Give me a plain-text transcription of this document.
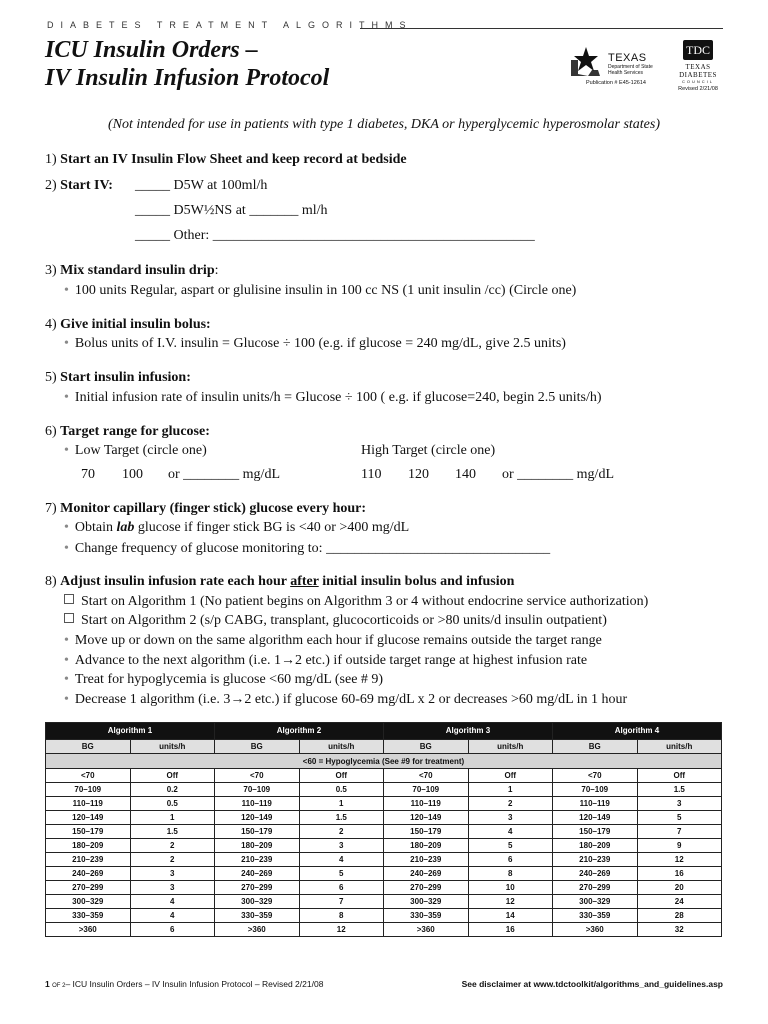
DIABETES TREATMENT ALGORITHMS
ICU Insulin Orders –
IV Insulin Infusion Protocol
TEXAS
Department of State Health Services
Publication # E45-12614
TDC
TEXAS DIABETES
COUNCIL
Revised 2/21/08
(Not intended for use in patients with type 1 diabetes, DKA or hyperglycemic hyperosmolar states)
1) Start an IV Insulin Flow Sheet and keep record at bedside
2) Start IV: _____ D5W at 100ml/h
_____ D5W½NS at _______ ml/h
_____ Other: ______________________________________________
3) Mix standard insulin drip:
• 100 units Regular, aspart or glulisine insulin in 100 cc NS (1 unit insulin /cc) (Circle one)
4) Give initial insulin bolus:
• Bolus units of I.V. insulin = Glucose ÷ 100 (e.g. if glucose = 240 mg/dL, give 2.5 units)
5) Start insulin infusion:
• Initial infusion rate of insulin units/h = Glucose ÷ 100 ( e.g. if glucose=240, begin 2.5 units/h)
6) Target range for glucose:
• Low Target (circle one)	High Target (circle one)
70 100 or ________ mg/dL	110 120 140 or ________ mg/dL
7) Monitor capillary (finger stick) glucose every hour:
• Obtain lab glucose if finger stick BG is <40 or >400 mg/dL
• Change frequency of glucose monitoring to: ________________________________
8) Adjust insulin infusion rate each hour after initial insulin bolus and infusion
Start on Algorithm 1 (No patient begins on Algorithm 3 or 4 without endocrine service authorization)
Start on Algorithm 2 (s/p CABG, transplant, glucocorticoids or >80 units/d insulin outpatient)
• Move up or down on the same algorithm each hour if glucose remains outside the target range
• Advance to the next algorithm (i.e. 1→2 etc.) if outside target range at highest infusion rate
• Treat for hypoglycemia is glucose <60 mg/dL (see # 9)
• Decrease 1 algorithm (i.e. 3→2 etc.) if glucose 60-69 mg/dL x 2 or decreases >60 mg/dL in 1 hour
Algorithm 1		Algorithm 2		Algorithm 3		Algorithm 4	
BG	units/h	BG	units/h	BG	units/h	BG	units/h
<60 = Hypoglycemia (See #9 for treatment)							
<70	Off	<70	Off	<70	Off	<70	Off
70–109	0.2	70–109	0.5	70–109	1	70–109	1.5
110–119	0.5	110–119	1	110–119	2	110–119	3
120–149	1	120–149	1.5	120–149	3	120–149	5
150–179	1.5	150–179	2	150–179	4	150–179	7
180–209	2	180–209	3	180–209	5	180–209	9
210–239	2	210–239	4	210–239	6	210–239	12
240–269	3	240–269	5	240–269	8	240–269	16
270–299	3	270–299	6	270–299	10	270–299	20
300–329	4	300–329	7	300–329	12	300–329	24
330–359	4	330–359	8	330–359	14	330–359	28
>360	6	>360	12	>360	16	>360	32
1 OF 2– ICU Insulin Orders – IV Insulin Infusion Protocol – Revised 2/21/08	See disclaimer at www.tdctoolkit/algorithms_and_guidelines.asp
